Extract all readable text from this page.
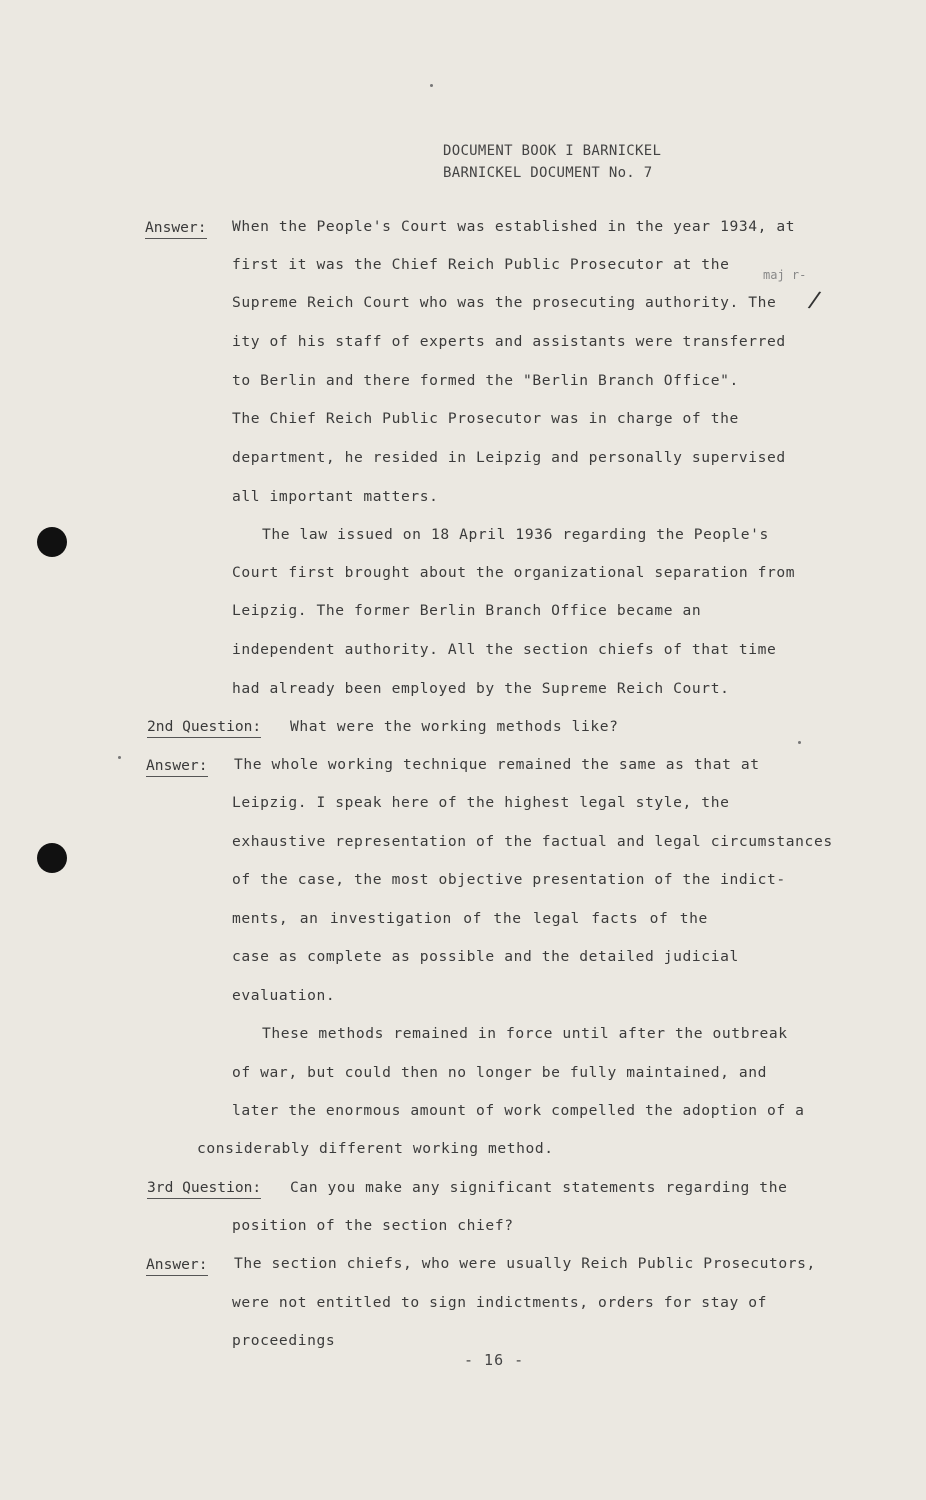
DOCUMENT BOOK I BARNICKEL
BARNICKEL DOCUMENT No. 7
maj r-
/
Answer: When the People's Court was established in the year 1934, at
first it was the Chief Reich Public Prosecutor at the
Supreme Reich Court who was the prosecuting authority. The
ity of his staff of experts and assistants were transferred
to Berlin and there formed the "Berlin Branch Office".
The Chief Reich Public Prosecutor was in charge of the
department, he resided in Leipzig and personally supervised
all important matters.
The law issued on 18 April 1936 regarding the People's
Court first brought about the organizational separation from
Leipzig. The former Berlin Branch Office became an
independent authority. All the section chiefs of that time
had already been employed by the Supreme Reich Court.
2nd Question: What were the working methods like?
Answer: The whole working technique remained the same as that at
Leipzig. I speak here of the highest legal style, the
exhaustive representation of the factual and legal circumstances
of the case, the most objective presentation of the indict-
ments, an investigation of the legal facts of the
case as complete as possible and the detailed judicial
evaluation.
These methods remained in force until after the outbreak
of war, but could then no longer be fully maintained, and
later the enormous amount of work compelled the adoption of a
considerably different working method.
3rd Question: Can you make any significant statements regarding the
position of the section chief?
Answer: The section chiefs, who were usually Reich Public Prosecutors,
were not entitled to sign indictments, orders for stay of
proceedings
- 16 -
